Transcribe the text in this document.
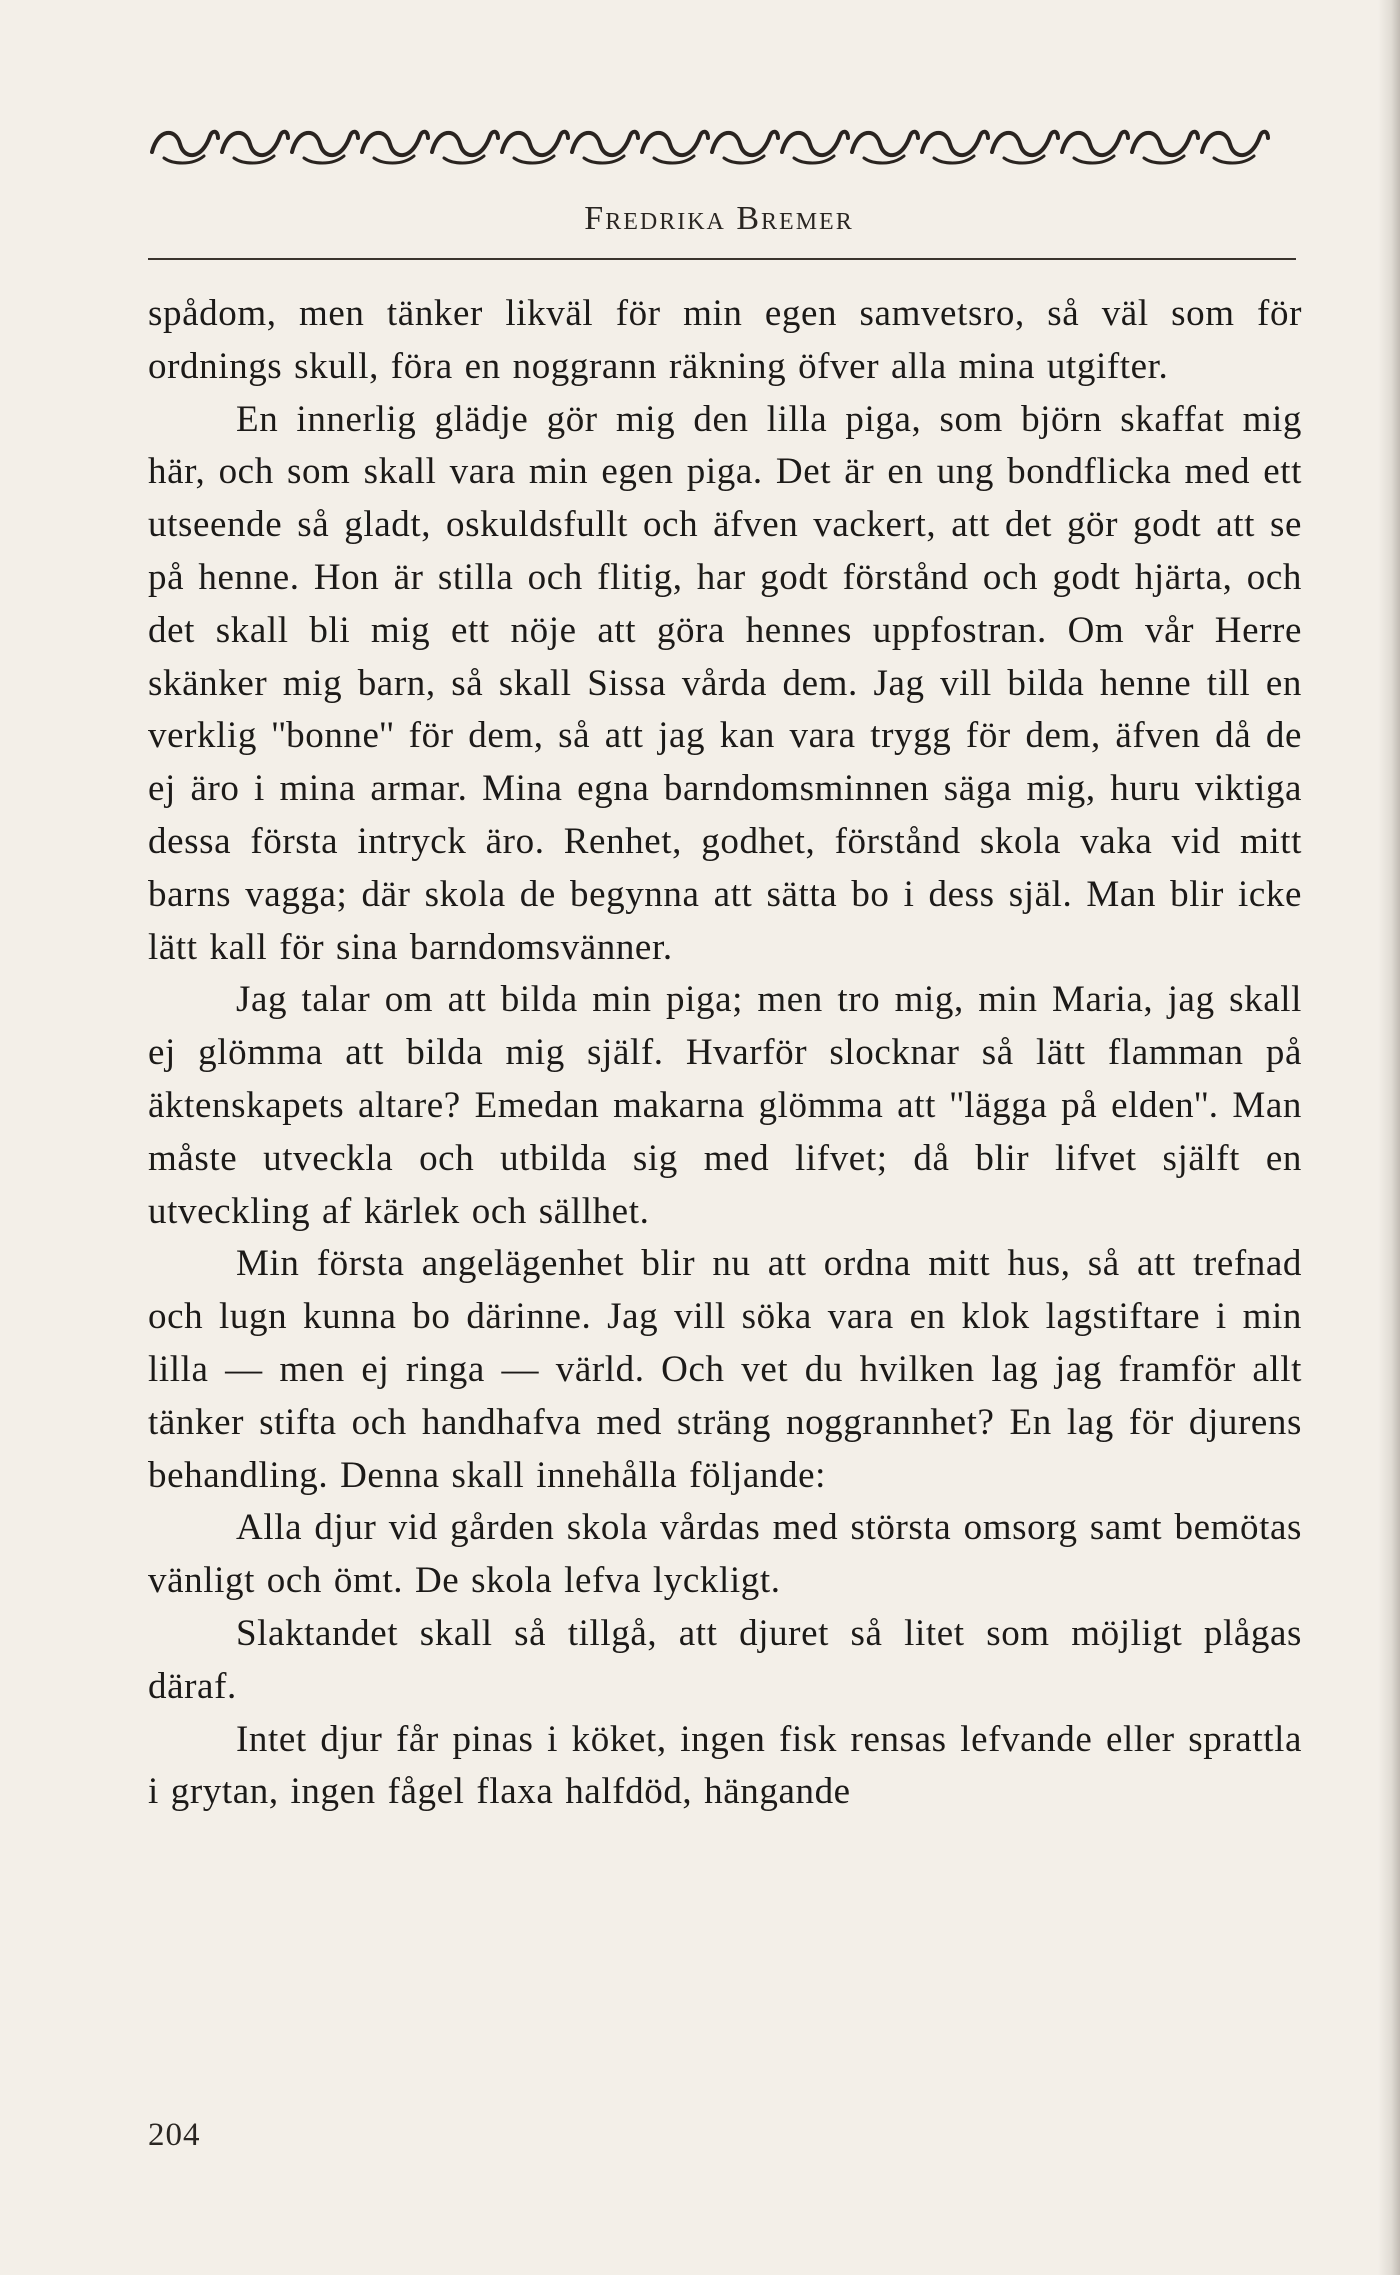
Fredrika Bremer

spådom, men tänker likväl för min egen samvetsro, så väl som för ordnings skull, föra en noggrann räkning öfver alla mina utgifter.

En innerlig glädje gör mig den lilla piga, som björn skaffat mig här, och som skall vara min egen piga. Det är en ung bondflicka med ett utseende så gladt, oskuldsfullt och äfven vackert, att det gör godt att se på henne. Hon är stilla och flitig, har godt förstånd och godt hjärta, och det skall bli mig ett nöje att göra hennes uppfostran. Om vår Herre skänker mig barn, så skall Sissa vårda dem. Jag vill bilda henne till en verklig ''bonne'' för dem, så att jag kan vara trygg för dem, äfven då de ej äro i mina armar. Mina egna barndomsminnen säga mig, huru viktiga dessa första intryck äro. Renhet, godhet, förstånd skola vaka vid mitt barns vagga; där skola de begynna att sätta bo i dess själ. Man blir icke lätt kall för sina barndomsvänner.

Jag talar om att bilda min piga; men tro mig, min Maria, jag skall ej glömma att bilda mig själf. Hvarför slocknar så lätt flamman på äktenskapets altare? Emedan makarna glömma att ''lägga på elden''. Man måste utveckla och utbilda sig med lifvet; då blir lifvet själft en utveckling af kärlek och sällhet.

Min första angelägenhet blir nu att ordna mitt hus, så att trefnad och lugn kunna bo därinne. Jag vill söka vara en klok lagstiftare i min lilla — men ej ringa — värld. Och vet du hvilken lag jag framför allt tänker stifta och handhafva med sträng noggrannhet? En lag för djurens behandling. Denna skall innehålla följande:

Alla djur vid gården skola vårdas med största omsorg samt bemötas vänligt och ömt. De skola lefva lyckligt.

Slaktandet skall så tillgå, att djuret så litet som möjligt plågas däraf.

Intet djur får pinas i köket, ingen fisk rensas lefvande eller sprattla i grytan, ingen fågel flaxa halfdöd, hängande

204
